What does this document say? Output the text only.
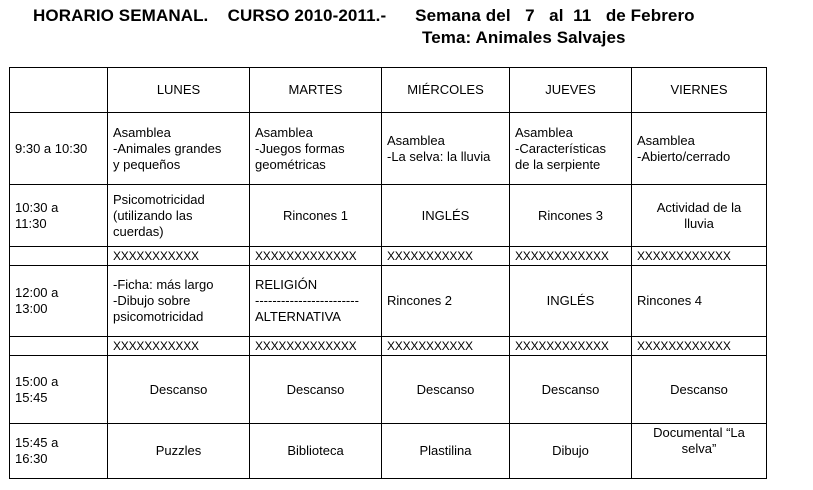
HORARIO SEMANAL.    CURSO 2010-2011.-      Semana del   7   al  11   de Febrero
Tema: Animales Salvajes
	LUNES	MARTES	MIÉRCOLES	JUEVES	VIERNES
9:30 a 10:30	Asamblea
-Animales grandes
y pequeños	Asamblea
-Juegos formas
geométricas	Asamblea
-La selva: la lluvia	Asamblea
-Características
de la serpiente	Asamblea
-Abierto/cerrado

10:30 a
11:30	Psicomotricidad
(utilizando las
cuerdas)	Rincones 1	INGLÉS	Rincones 3	Actividad de la
lluvia

	XXXXXXXXXXX	XXXXXXXXXXXXX	XXXXXXXXXXX	XXXXXXXXXXXX	XXXXXXXXXXXX

12:00 a
13:00	-Ficha: más largo
-Dibujo sobre
psicomotricidad	RELIGIÓN
------------------------
ALTERNATIVA	Rincones 2	INGLÉS	Rincones 4
	XXXXXXXXXXX	XXXXXXXXXXXXX	XXXXXXXXXXX	XXXXXXXXXXXX	XXXXXXXXXXXX

15:00 a
15:45	Descanso	Descanso	Descanso	Descanso	Descanso

15:45 a
16:30	Puzzles	Biblioteca	Plastilina	Dibujo	Documental “La
selva”
